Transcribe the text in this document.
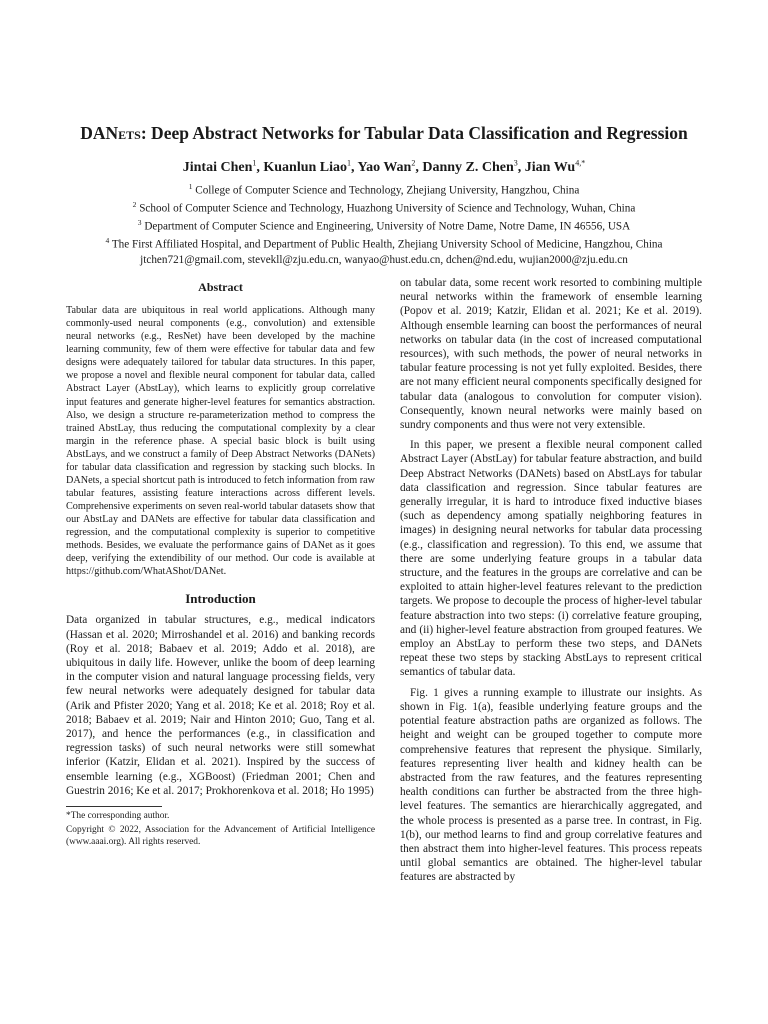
DANets: Deep Abstract Networks for Tabular Data Classification and Regression
Jintai Chen$^1$, Kuanlun Liao$^1$, Yao Wan$^2$, Danny Z. Chen$^3$, Jian $Wu^{4,*}$
$^1$ College of Computer Science and Technology, Zhejiang University, Hangzhou, China
$^2$ School of Computer Science and Technology, Huazhong University of Science and Technology, Wuhan, China
$^3$ Department of Computer Science and Engineering, University of Notre Dame, Notre Dame, IN 46556, USA
$^4$ The First Affiliated Hospital, and Department of Public Health, Zhejiang University School of Medicine, Hangzhou, China
jtchen721@gmail.com, stevekll@zju.edu.cn, wanyao@hust.edu.cn, dchen@nd.edu, wujian2000@zju.edu.cn
Abstract

Tabular data are ubiquitous in real world applications. Although many commonly-used neural components (e.g., convolution) and extensible neural networks (e.g., ResNet) have been developed by the machine learning community, few of them were effective for tabular data and few designs were adequately tailored for tabular data structures. In this paper, we propose a novel and flexible neural component for tabular data, called Abstract Layer (AbstLay), which learns to explicitly group correlative input features and generate higher-level features for semantics abstraction. Also, we design a structure re-parameterization method to compress the trained AbstLay, thus reducing the computational complexity by a clear margin in the reference phase. A special basic block is built using AbstLays, and we construct a family of Deep Abstract Networks (DANets) for tabular data classification and regression by stacking such blocks. In DANets, a special shortcut path is introduced to fetch information from raw tabular features, assisting feature interactions across different levels. Comprehensive experiments on seven real-world tabular datasets show that our AbstLay and DANets are effective for tabular data classification and regression, and the computational complexity is superior to competitive methods. Besides, we evaluate the performance gains of DANet as it goes deep, verifying the extendibility of our method. Our code is available at https://github.com/WhatAShot/DANet.

Introduction

Data organized in tabular structures, e.g., medical indicators (Hassan et al. 2020; Mirroshandel et al. 2016) and banking records (Roy et al. 2018; Babaev et al. 2019; Addo et al. 2018), are ubiquitous in daily life. However, unlike the boom of deep learning in the computer vision and natural language processing fields, very few neural networks were adequately designed for tabular data (Arik and Pfister 2020; Yang et al. 2018; Ke et al. 2018; Roy et al. 2018; Babaev et al. 2019; Nair and Hinton 2010; Guo, Tang et al. 2017), and hence the performances (e.g., in classification and regression tasks) of such neural networks were still somewhat inferior (Katzir, Elidan et al. 2021). Inspired by the success of ensemble learning (e.g., XGBoost) (Friedman 2001; Chen and Guestrin 2016; Ke et al. 2017; Prokhorenkova et al. 2018; Ho 1995)

*The corresponding author.

Copyright © 2022, Association for the Advancement of Artificial Intelligence (www.aaai.org). All rights reserved.

on tabular data, some recent work resorted to combining multiple neural networks within the framework of ensemble learning (Popov et al. 2019; Katzir, Elidan et al. 2021; Ke et al. 2019). Although ensemble learning can boost the performances of neural networks on tabular data (in the cost of increased computational resources), with such methods, the power of neural networks in tabular feature processing is not yet fully exploited. Besides, there are not many efficient neural components specifically designed for tabular data (analogous to convolution for computer vision). Consequently, known neural networks were mainly based on sundry components and thus were not very extensible.

In this paper, we present a flexible neural component called Abstract Layer (AbstLay) for tabular feature abstraction, and build Deep Abstract Networks (DANets) based on AbstLays for tabular data classification and regression. Since tabular features are generally irregular, it is hard to introduce fixed inductive biases (such as dependency among spatially neighboring features in images) in designing neural networks for tabular data processing (e.g., classification and regression). To this end, we assume that there are some underlying feature groups in a tabular data structure, and the features in the groups are correlative and can be exploited to attain higher-level features relevant to the prediction targets. We propose to decouple the process of higher-level tabular feature abstraction into two steps: (i) correlative feature grouping, and (ii) higher-level feature abstraction from grouped features. We employ an AbstLay to perform these two steps, and DANets repeat these two steps by stacking AbstLays to represent critical semantics of tabular data.

Fig. 1 gives a running example to illustrate our insights. As shown in Fig. 1(a), feasible underlying feature groups and the potential feature abstraction paths are organized as follows. The height and weight can be grouped together to compute more comprehensive features that represent the physique. Similarly, features representing liver health and kidney health can be abstracted from the raw features, and the features representing health conditions can further be abstracted from the three high-level features. The semantics are hierarchically aggregated, and the whole process is presented as a parse tree. In contrast, in Fig. 1(b), our method learns to find and group correlative features and then abstract them into higher-level features. This process repeats until global semantics are obtained. The higher-level tabular features are abstracted by
